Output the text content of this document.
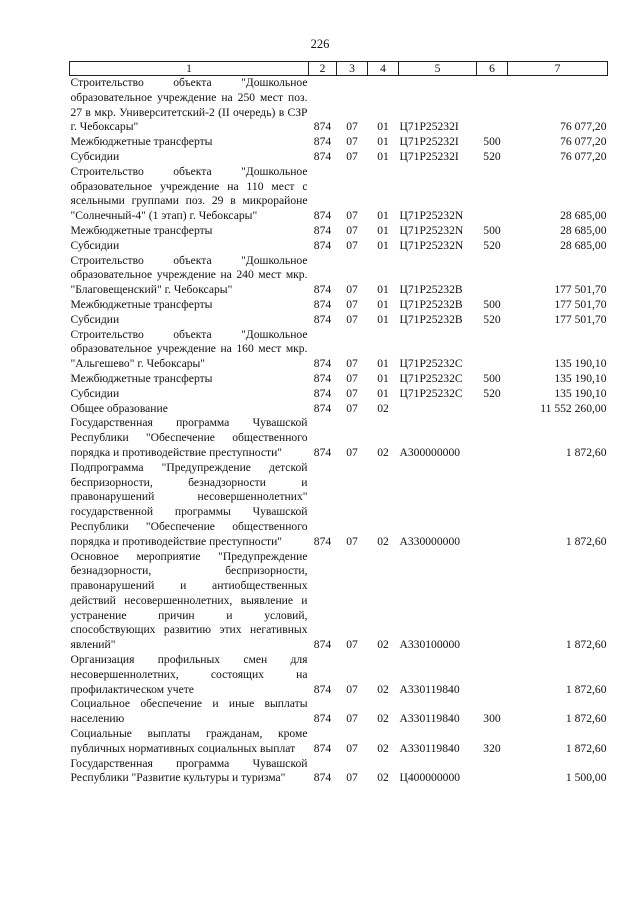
226
1	2	3	4	5	6	7
Строительство объекта "Дошкольное образовательное учреждение на 250 мест поз. 27 в мкр. Университетский-2 (II очередь) в СЗР г. Чебоксары"	874	07	01	Ц71Р25232I		76 077,20
Межбюджетные трансферты	874	07	01	Ц71Р25232I	500	76 077,20
Субсидии	874	07	01	Ц71Р25232I	520	76 077,20
Строительство объекта "Дошкольное образовательное учреждение на 110 мест с ясельными группами поз. 29 в микрорайоне "Солнечный-4" (1 этап) г. Чебоксары"	874	07	01	Ц71Р25232N		28 685,00
Межбюджетные трансферты	874	07	01	Ц71Р25232N	500	28 685,00
Субсидии	874	07	01	Ц71Р25232N	520	28 685,00
Строительство объекта "Дошкольное образовательное учреждение на 240 мест мкр. "Благовещенский" г. Чебоксары"	874	07	01	Ц71Р25232В		177 501,70
Межбюджетные трансферты	874	07	01	Ц71Р25232В	500	177 501,70
Субсидии	874	07	01	Ц71Р25232В	520	177 501,70
Строительство объекта "Дошкольное образовательное учреждение на 160 мест мкр. "Альгешево" г. Чебоксары"	874	07	01	Ц71Р25232С		135 190,10
Межбюджетные трансферты	874	07	01	Ц71Р25232С	500	135 190,10
Субсидии	874	07	01	Ц71Р25232С	520	135 190,10
Общее образование	874	07	02			11 552 260,00
Государственная программа Чувашской Республики "Обеспечение общественного порядка и противодействие преступности"	874	07	02	А300000000		1 872,60
Подпрограмма "Предупреждение детской беспризорности, безнадзорности и правонарушений несовершеннолетних" государственной программы Чувашской Республики "Обеспечение общественного порядка и противодействие преступности"	874	07	02	А330000000		1 872,60
Основное мероприятие "Предупреждение безнадзорности, беспризорности, правонарушений и антиобщественных действий несовершеннолетних, выявление и устранение причин и условий, способствующих развитию этих негативных явлений"	874	07	02	А330100000		1 872,60
Организация профильных смен для несовершеннолетних, состоящих на профилактическом учете	874	07	02	А330119840		1 872,60
Социальное обеспечение и иные выплаты населению	874	07	02	А330119840	300	1 872,60
Социальные выплаты гражданам, кроме публичных нормативных социальных выплат	874	07	02	А330119840	320	1 872,60
Государственная программа Чувашской Республики "Развитие культуры и туризма"	874	07	02	Ц400000000		1 500,00
